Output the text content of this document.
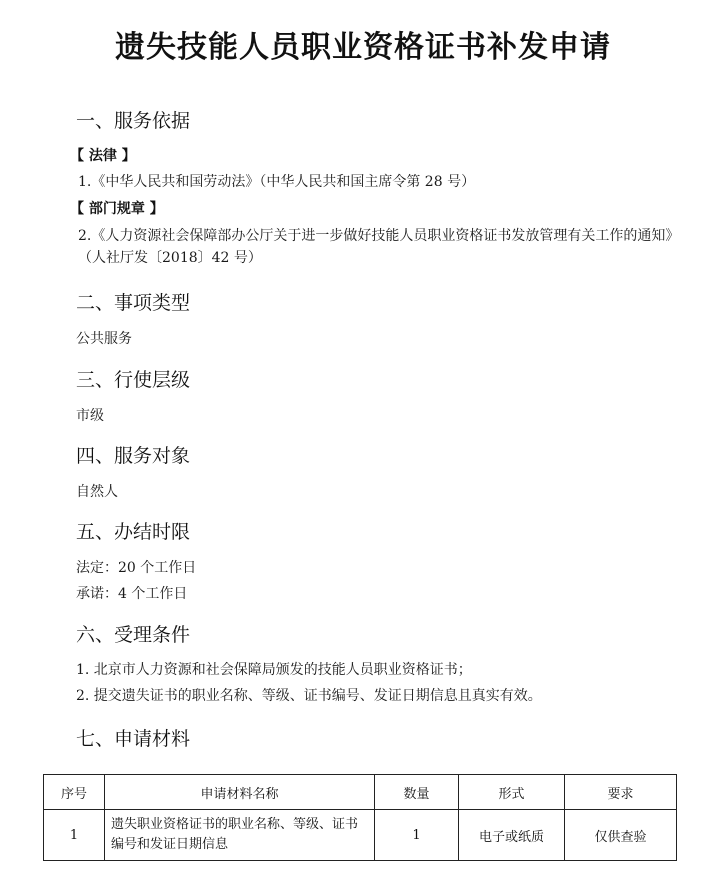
遗失技能人员职业资格证书补发申请
一、服务依据
【 法律 】
1.《中华人民共和国劳动法》（中华人民共和国主席令第 28 号）
【 部门规章 】
2.《人力资源社会保障部办公厅关于进一步做好技能人员职业资格证书发放管理有关工作的通知》（人社厅发〔2018〕42 号）
二、事项类型
公共服务
三、行使层级
市级
四、服务对象
自然人
五、办结时限
法定：20 个工作日
承诺：4 个工作日
六、受理条件
1. 北京市人力资源和社会保障局颁发的技能人员职业资格证书；
2. 提交遗失证书的职业名称、等级、证书编号、发证日期信息且真实有效。
七、申请材料
序号	申请材料名称	数量	形式	要求
1	遗失职业资格证书的职业名称、等级、证书编号和发证日期信息	1	电子或纸质	仅供查验
